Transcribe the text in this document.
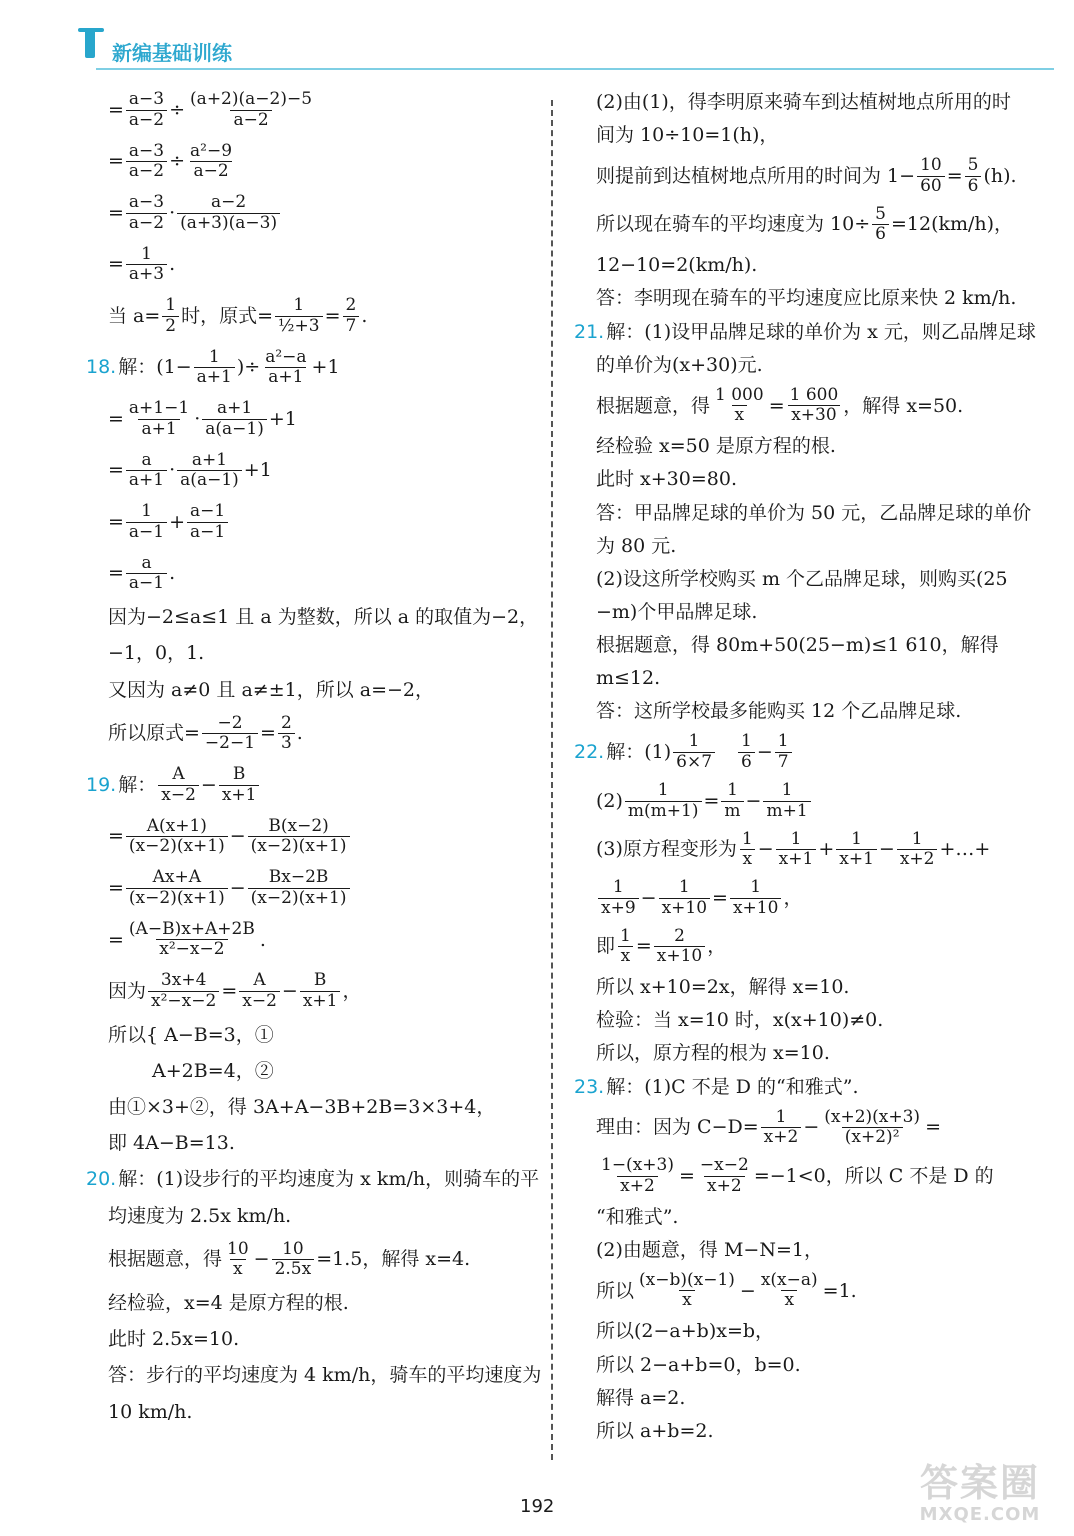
新编基础训练
= $\frac{a-3}{a-2} \div \frac{(a+2)(a-2)-5}{a-2}$
= $\frac{a-3}{a-2} \div \frac{\text{a²−9}}{a-2}$
= $\frac{a-3}{a-2} \cdot \frac{a-2}{(a+3)(a-3)}$
= $\frac{1}{a+3}$ .
当 $a= \frac{1}{2}$ 时，原式= $\frac{1}{\text{½+3}} = \frac{2}{7}$ .
18. 解：($1- \frac{1}{a+1}$ )÷ $\frac{\text{a²−a}}{a+1} +1$
= $\frac{a+1-1}{a+1} \cdot \frac{a+1}{a(a-1)} +1$
= $\frac{a}{a+1} \cdot \frac{a+1}{a(a-1)} +1$
= $\frac{1}{a-1} + \frac{a-1}{a-1}$
= $\frac{a}{a-1}$ .
因为−2≤a≤1 且 a 为整数，所以 a 的取值为−2，
−1，0，1.
又因为 a≠0 且 a≠±1，所以 a=−2，
所以原式= $\frac{-2}{-2-1} = \frac{2}{3}$ .
19. 解： $\frac{A}{x-2} - \frac{B}{x+1}$
= $\frac{A(x+1)}{(x-2)(x+1)} - \frac{B(x-2)}{(x-2)(x+1)}$
= $\frac{Ax+A}{(x-2)(x+1)} - \frac{Bx-2B}{(x-2)(x+1)}$
= $\frac{(A-B)x+A+2B}{\text{x²−x−2}}$ .
因为 $\frac{3x+4}{\text{x²−x−2}} = \frac{A}{x-2} - \frac{B}{x+1}$ ，
所以{ A−B=3，①
　　 A+2B=4，②
由①×3+②，得 3A+A−3B+2B=3×3+4，
即 4A−B=13.
20. 解：(1)设步行的平均速度为 x km/h，则骑车的平
均速度为 2.5x km/h.
根据题意，得 $\frac{10}{x} - \frac{10}{2.5x} =1.5$，解得 x=4.
经检验，x=4 是原方程的根.
此时 2.5x=10.
答：步行的平均速度为 4 km/h，骑车的平均速度为
10 km/h.
(2)由(1)，得李明原来骑车到达植树地点所用的时
间为 10÷10=1(h)，
则提前到达植树地点所用的时间为 $1- \frac{10}{60} = \frac{5}{6} (h)$.
所以现在骑车的平均速度为 $10\div \frac{5}{6} =12(km/h)$，
12−10=2(km/h).
答：李明现在骑车的平均速度应比原来快 2 km/h.
21. 解：(1)设甲品牌足球的单价为 x 元，则乙品牌足球
的单价为(x+30)元.
根据题意，得 $\frac{1 000}{x} = \frac{1 600}{x+30}$ ，解得 x=50.
经检验 x=50 是原方程的根.
此时 x+30=80.
答：甲品牌足球的单价为 50 元，乙品牌足球的单价
为 80 元.
(2)设这所学校购买 m 个乙品牌足球，则购买(25
−m)个甲品牌足球.
根据题意，得 80m+50(25−m)≤1 610，解得
m≤12.
答：这所学校最多能购买 12 个乙品牌足球.
22. 解：$(1) \frac{1}{6\times 7}$
　 $\frac{1}{6} - \frac{1}{7}$
$(2) \frac{1}{m(m+1)} = \frac{1}{m} - \frac{1}{m+1}$
(3)原方程变形为 $\frac{1}{x} - \frac{1}{x+1} + \frac{1}{x+1} - \frac{1}{x+2}$ +…+
$\frac{1}{x+9} - \frac{1}{x+10} = \frac{1}{x+10}$ ，
即 $\frac{1}{x} = \frac{2}{x+10}$ ，
所以 x+10=2x，解得 x=10.
检验：当 x=10 时，x(x+10)≠0.
所以，原方程的根为 x=10.
23. 解：(1)C 不是 D 的“和雅式”.
理由：因为 $C-D= \frac{1}{x+2} - \frac{(x+2)(x+3)}{\text{(x+2)²}}$ =
$\frac{1-(x+3)}{x+2} = \frac{-x-2}{x+2} =-1<0$，所以 C 不是 D 的
“和雅式”.
(2)由题意，得 M−N=1，
所以 $\frac{(x-b)(x-1)}{x} - \frac{x(x-a)}{x} =1$.
所以(2−a+b)x=b，
所以 2−a+b=0，b=0.
解得 a=2.
所以 a+b=2.
192
答案圈
MXQE.COM
